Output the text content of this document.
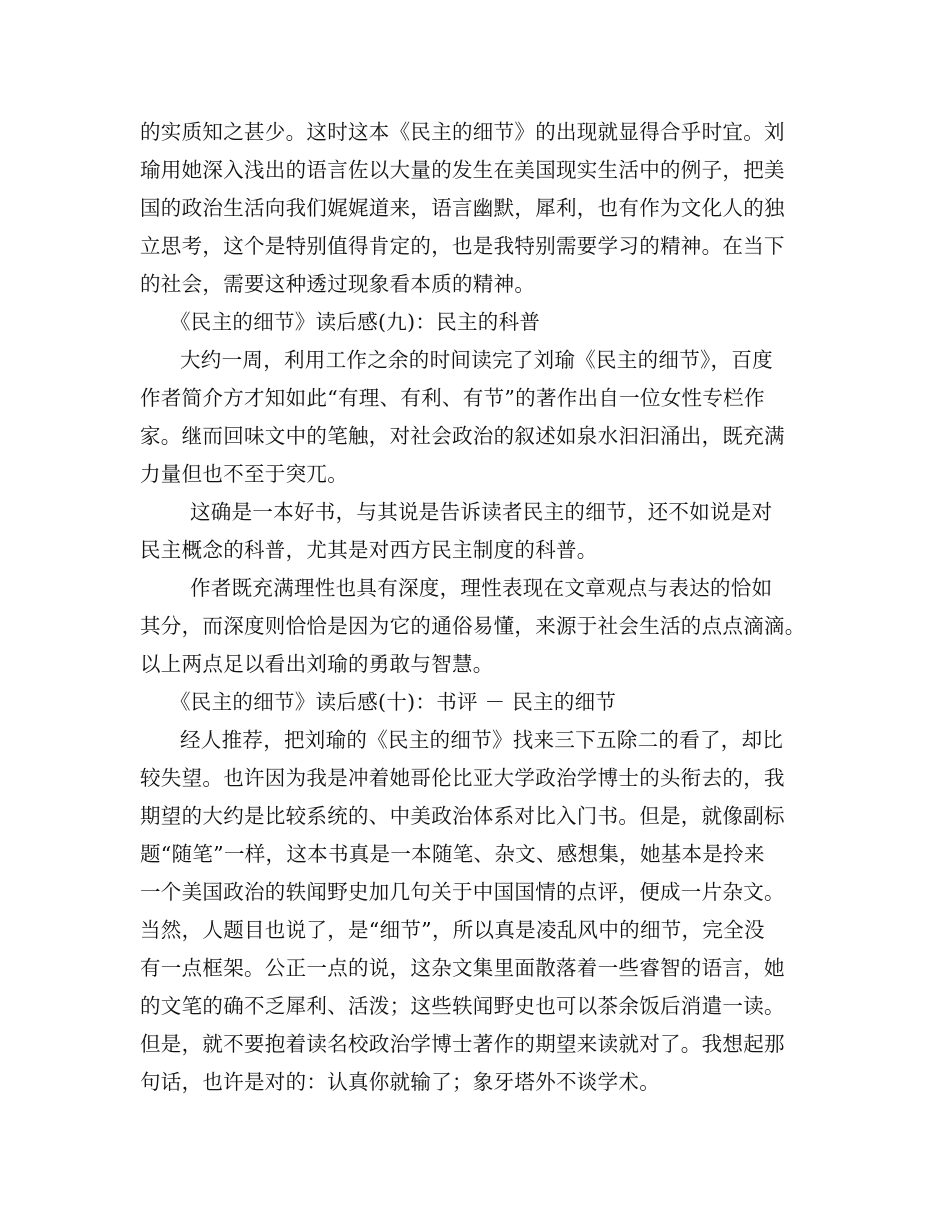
的实质知之甚少。这时这本《民主的细节》的出现就显得合乎时宜。刘
瑜用她深入浅出的语言佐以大量的发生在美国现实生活中的例子，把美
国的政治生活向我们娓娓道来，语言幽默，犀利，也有作为文化人的独
立思考，这个是特别值得肯定的，也是我特别需要学习的精神。在当下
的社会，需要这种透过现象看本质的精神。
《民主的细节》读后感(九)：民主的科普
大约一周，利用工作之余的时间读完了刘瑜《民主的细节》，百度
作者简介方才知如此“有理、有利、有节”的著作出自一位女性专栏作
家。继而回味文中的笔触，对社会政治的叙述如泉水汩汩涌出，既充满
力量但也不至于突兀。
这确是一本好书，与其说是告诉读者民主的细节，还不如说是对
民主概念的科普，尤其是对西方民主制度的科普。
作者既充满理性也具有深度，理性表现在文章观点与表达的恰如
其分，而深度则恰恰是因为它的通俗易懂，来源于社会生活的点点滴滴。
以上两点足以看出刘瑜的勇敢与智慧。
《民主的细节》读后感(十)：书评 － 民主的细节
经人推荐，把刘瑜的《民主的细节》找来三下五除二的看了，却比
较失望。也许因为我是冲着她哥伦比亚大学政治学博士的头衔去的，我
期望的大约是比较系统的、中美政治体系对比入门书。但是，就像副标
题“随笔”一样，这本书真是一本随笔、杂文、感想集，她基本是拎来
一个美国政治的轶闻野史加几句关于中国国情的点评，便成一片杂文。
当然，人题目也说了，是“细节”，所以真是凌乱风中的细节，完全没
有一点框架。公正一点的说，这杂文集里面散落着一些睿智的语言，她
的文笔的确不乏犀利、活泼；这些轶闻野史也可以茶余饭后消遣一读。
但是，就不要抱着读名校政治学博士著作的期望来读就对了。我想起那
句话，也许是对的：认真你就输了；象牙塔外不谈学术。
